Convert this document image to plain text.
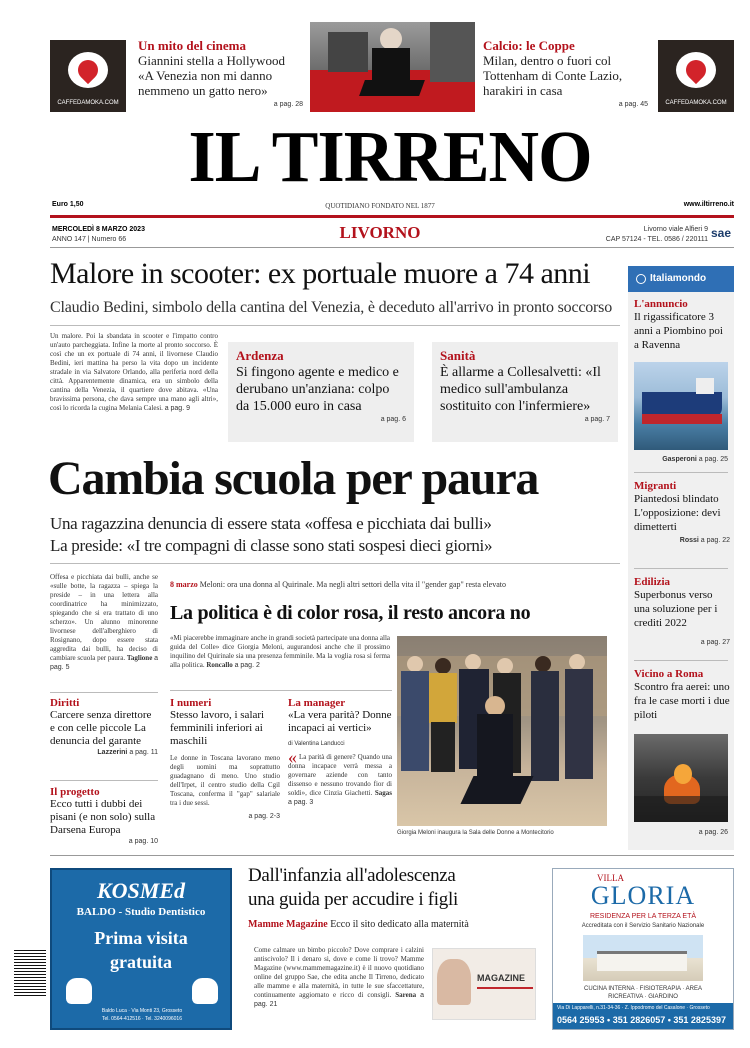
CAFFEDAMOKA.COM
Un mito del cinema
Giannini stella a Hollywood «A Venezia non mi danno nemmeno un gatto nero»
a pag. 28
Calcio: le Coppe
Milan, dentro o fuori col Tottenham di Conte Lazio, harakiri in casa
a pag. 45	CAFFEDAMOKA.COM
IL TIRRENO
Euro 1,50	QUOTIDIANO FONDATO NEL 1877	www.iltirreno.it
MERCOLEDÌ 8 MARZO 2023
ANNO 147 | Numero 66	LIVORNO	Livorno viale Alfieri 9
CAP 57124 - TEL. 0586 / 220111 sae
Malore in scooter: ex portuale muore a 74 anni
Claudio Bedini, simbolo della cantina del Venezia, è deceduto all'arrivo in pronto soccorso
Un malore. Poi la sbandata in scooter e l'impatto contro un'auto parcheggiata. Infine la morte al pronto soccorso. È così che un ex portuale di 74 anni, il livornese Claudio Bedini, ieri mattina ha perso la vita dopo un incidente stradale in via Salvatore Orlando, alla periferia nord della città. Apparentemente dinamica, era un simbolo della cantina della Venezia, il quartiere dove abitava. «Una bravissima persona, che dava sempre una mano agli altri», così lo ricorda la cugina Melania Calesi. a pag. 9
Ardenza
Si fingono agente e medico e derubano un'anziana: colpo da 15.000 euro in casa
a pag. 6
Sanità
È allarme a Collesalvetti: «Il medico sull'ambulanza sostituito con l'infermiere»
a pag. 7
Cambia scuola per paura
Una ragazzina denuncia di essere stata «offesa e picchiata dai bulli»
La preside: «I tre compagni di classe sono stati sospesi dieci giorni»
Offesa e picchiata dai bulli, anche se «sulle botte, la ragazza – spiega la preside – in una lettera alla coordinatrice ha minimizzato, spiegando che si era trattato di uno scherzo». Un alunno minorenne livornese dell'alberghiero di Rosignano, dopo essere stata aggredita dai bulli, ha deciso di cambiare scuola per paura. Taglione a pag. 5
Diritti
Carcere senza direttore e con celle piccole La denuncia del garante
Lazzerini a pag. 11
Il progetto
Ecco tutti i dubbi dei pisani (e non solo) sulla Darsena Europa
a pag. 10
8 marzo Meloni: ora una donna al Quirinale. Ma negli altri settori della vita il "gender gap" resta elevato
La politica è di color rosa, il resto ancora no
«Mi piacerebbe immaginare anche in grandi società partecipate una donna alla guida del Colle» dice Giorgia Meloni, augurandosi anche che il prossimo inquilino del Quirinale sia una presenza femminile. Ma la voglia rosa si ferma alla politica. Roncallo a pag. 2
I numeri
Stesso lavoro, i salari femminili inferiori ai maschili
Le donne in Toscana lavorano meno degli uomini ma soprattutto guadagnano di meno. Uno studio dell'Irpet, il centro studio della Cgil Toscana, conferma il "gap" salariale tra i due sessi.
a pag. 2-3
La manager
«La vera parità? Donne incapaci ai vertici»
di Valentina Landucci
« La parità di genere? Quando una donna incapace verrà messa a governare aziende con tanto dissenso e nessuno trovando fior di soldi», dice Cinzia Giachetti. Sagas a pag. 3
Giorgia Meloni inaugura la Sala delle Donne a Montecitorio
Italiamondo
L'annuncio
Il rigassificatore 3 anni a Piombino poi a Ravenna
Gasperoni a pag. 25
Migranti
Piantedosi blindato L'opposizione: devi dimetterti
Rossi a pag. 22
Edilizia
Superbonus verso una soluzione per i crediti 2022
a pag. 27
Vicino a Roma
Scontro fra aerei: uno fra le case morti i due piloti
a pag. 26
KOSMEd
BALDO - Studio Dentistico
Prima visita
gratuita
Baldo Luca · Via Monti 23, Grosseto
Tel. 0564-412516 · Tel. 3240096016
Dall'infanzia all'adolescenza
una guida per accudire i figli
Mamme Magazine Ecco il sito dedicato alla maternità
Come calmare un bimbo piccolo? Dove comprare i calzini antiscivolo? Il i denaro si, dove e come li trovo? Mamme Magazine (www.mammemagazine.it) è il nuovo quotidiano online del gruppo Sae, che edita anche Il Tirreno, dedicato alle mamme e alla maternità, in tutte le sue sfaccettature, continuamente aggiornato e ricco di consigli. Sarena a pag. 21
MAGAZINE
VILLA
GLORIA
RESIDENZA PER LA TERZA ETÀ
Accreditata con il Servizio Sanitario Nazionale
CUCINA INTERNA · FISIOTERAPIA · AREA RICREATIVA · GIARDINO
Via Di Lapparelli, n.31-34-36 · Z. Ippodromo del Casalone · Grosseto
0564 25953 • 351 2826057 • 351 2825397
